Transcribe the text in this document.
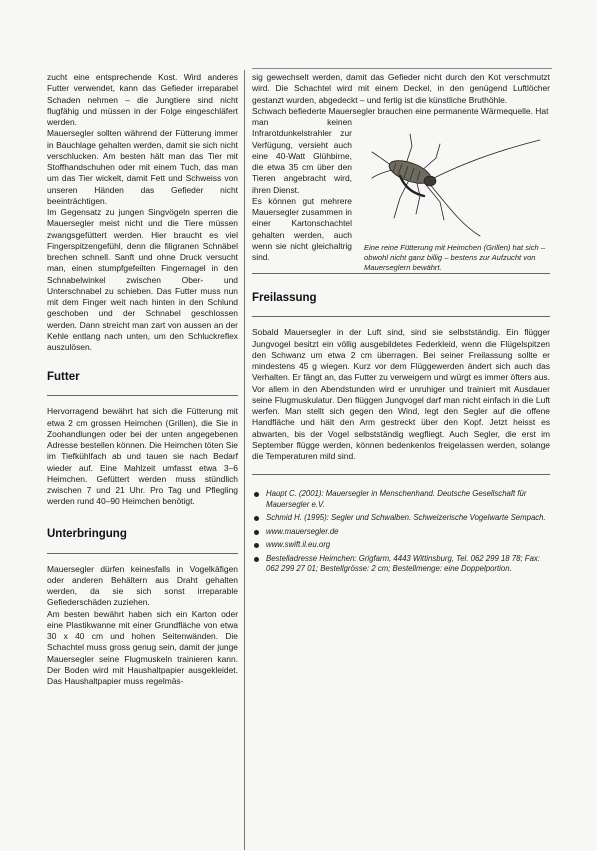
zucht eine entsprechende Kost. Wird anderes Futter verwendet, kann das Gefieder irreparabel Schaden nehmen – die Jungtiere sind nicht flugfähig und müssen in der Folge eingeschläfert werden.

Mauersegler sollten während der Fütterung immer in Bauchlage gehalten werden, damit sie sich nicht verschlucken. Am besten hält man das Tier mit Stoffhandschuhen oder mit einem Tuch, das man um das Tier wickelt, damit Fett und Schweiss von unseren Händen das Gefieder nicht beeinträchtigen.

Im Gegensatz zu jungen Singvögeln sperren die Mauersegler meist nicht und die Tiere müssen zwangsgefüttert werden. Hier braucht es viel Fingerspitzengefühl, denn die filigranen Schnäbel brechen schnell. Sanft und ohne Druck versucht man, einen stumpfgefeilten Fingernagel in den Schnabelwinkel zwischen Ober- und Unterschnabel zu schieben. Das Futter muss nun mit dem Finger weit nach hinten in den Schlund geschoben und der Schnabel geschlossen werden. Dann streicht man zart von aussen an der Kehle entlang nach unten, um den Schluckreflex auszulösen.

Futter

Hervorragend bewährt hat sich die Fütterung mit etwa 2 cm grossen Heimchen (Grillen), die Sie in Zoohandlungen oder bei der unten angegebenen Adresse bestellen können. Die Heimchen töten Sie im Tiefkühlfach ab und tauen sie nach Bedarf wieder auf. Eine Mahlzeit umfasst etwa 3–6 Heimchen. Gefüttert werden muss stündlich zwischen 7 und 21 Uhr. Pro Tag und Pflegling werden rund 40–90 Heimchen benötigt.

Unterbringung

Mauersegler dürfen keinesfalls in Vogelkäfigen oder anderen Behältern aus Draht gehalten werden, da sie sich sonst irreparable Gefiederschäden zuziehen.

Am besten bewährt haben sich ein Karton oder eine Plastikwanne mit einer Grundfläche von etwa 30 x 40 cm und hohen Seitenwänden. Die Schachtel muss gross genug sein, damit der junge Mauersegler seine Flugmuskeln trainieren kann. Der Boden wird mit Haushaltpapier ausgekleidet. Das Haushaltpapier muss regelmäs-

sig gewechselt werden, damit das Gefieder nicht durch den Kot verschmutzt wird. Die Schachtel wird mit einem Deckel, in den genügend Luftlöcher gestanzt wurden, abgedeckt – und fertig ist die künstliche Bruthöhle.

Schwach befiederte Mauersegler brauchen eine permanente Wärmequelle. Hat

man keinen Infrarotdunkelstrahler zur Verfügung, versieht auch eine 40-Watt Glühbirne, die etwa 35 cm über den Tieren angebracht wird, ihren Dienst.

Es können gut mehrere Mauersegler zusammen in einer Kartonschachtel gehalten werden, auch wenn sie nicht gleichaltrig sind.

Eine reine Fütterung mit Heimchen (Grillen) hat sich – obwohl nicht ganz billig – bestens zur Aufzucht von Mauerseglern bewährt.
Freilassung

Sobald Mauersegler in der Luft sind, sind sie selbstständig. Ein flügger Jungvogel besitzt ein völlig ausgebildetes Federkleid, wenn die Flügelspitzen den Schwanz um etwa 2 cm überragen. Bei seiner Freilassung sollte er mindestens 45 g wiegen. Kurz vor dem Flüggewerden ändert sich auch das Verhalten. Er fängt an, das Futter zu verweigern und würgt es immer öfters aus. Vor allem in den Abendstunden wird er unruhiger und trainiert mit Ausdauer seine Flugmuskulatur. Den flüggen Jungvogel darf man nicht einfach in die Luft werfen. Man stellt sich gegen den Wind, legt den Segler auf die offene Handfläche und hält den Arm gestreckt über den Kopf. Jetzt heisst es abwarten, bis der Vogel selbstständig wegfliegt. Auch Segler, die erst im September flügge werden, können bedenkenlos freigelassen werden, solange die Temperaturen mild sind.

Haupt C. (2001): Mauersegler in Menschenhand. Deutsche Gesellschaft für Mauersegler e.V.
Schmid H. (1995): Segler und Schwalben. Schweizerische Vogelwarte Sempach.
www.mauersegler.de
www.swift.il.eu.org
Bestelladresse Heimchen: Grigfarm, 4443 Wittinsburg, Tel. 062 299 18 78; Fax: 062 299 27 01; Bestellgrösse: 2 cm; Bestellmenge: eine Doppelportion.
